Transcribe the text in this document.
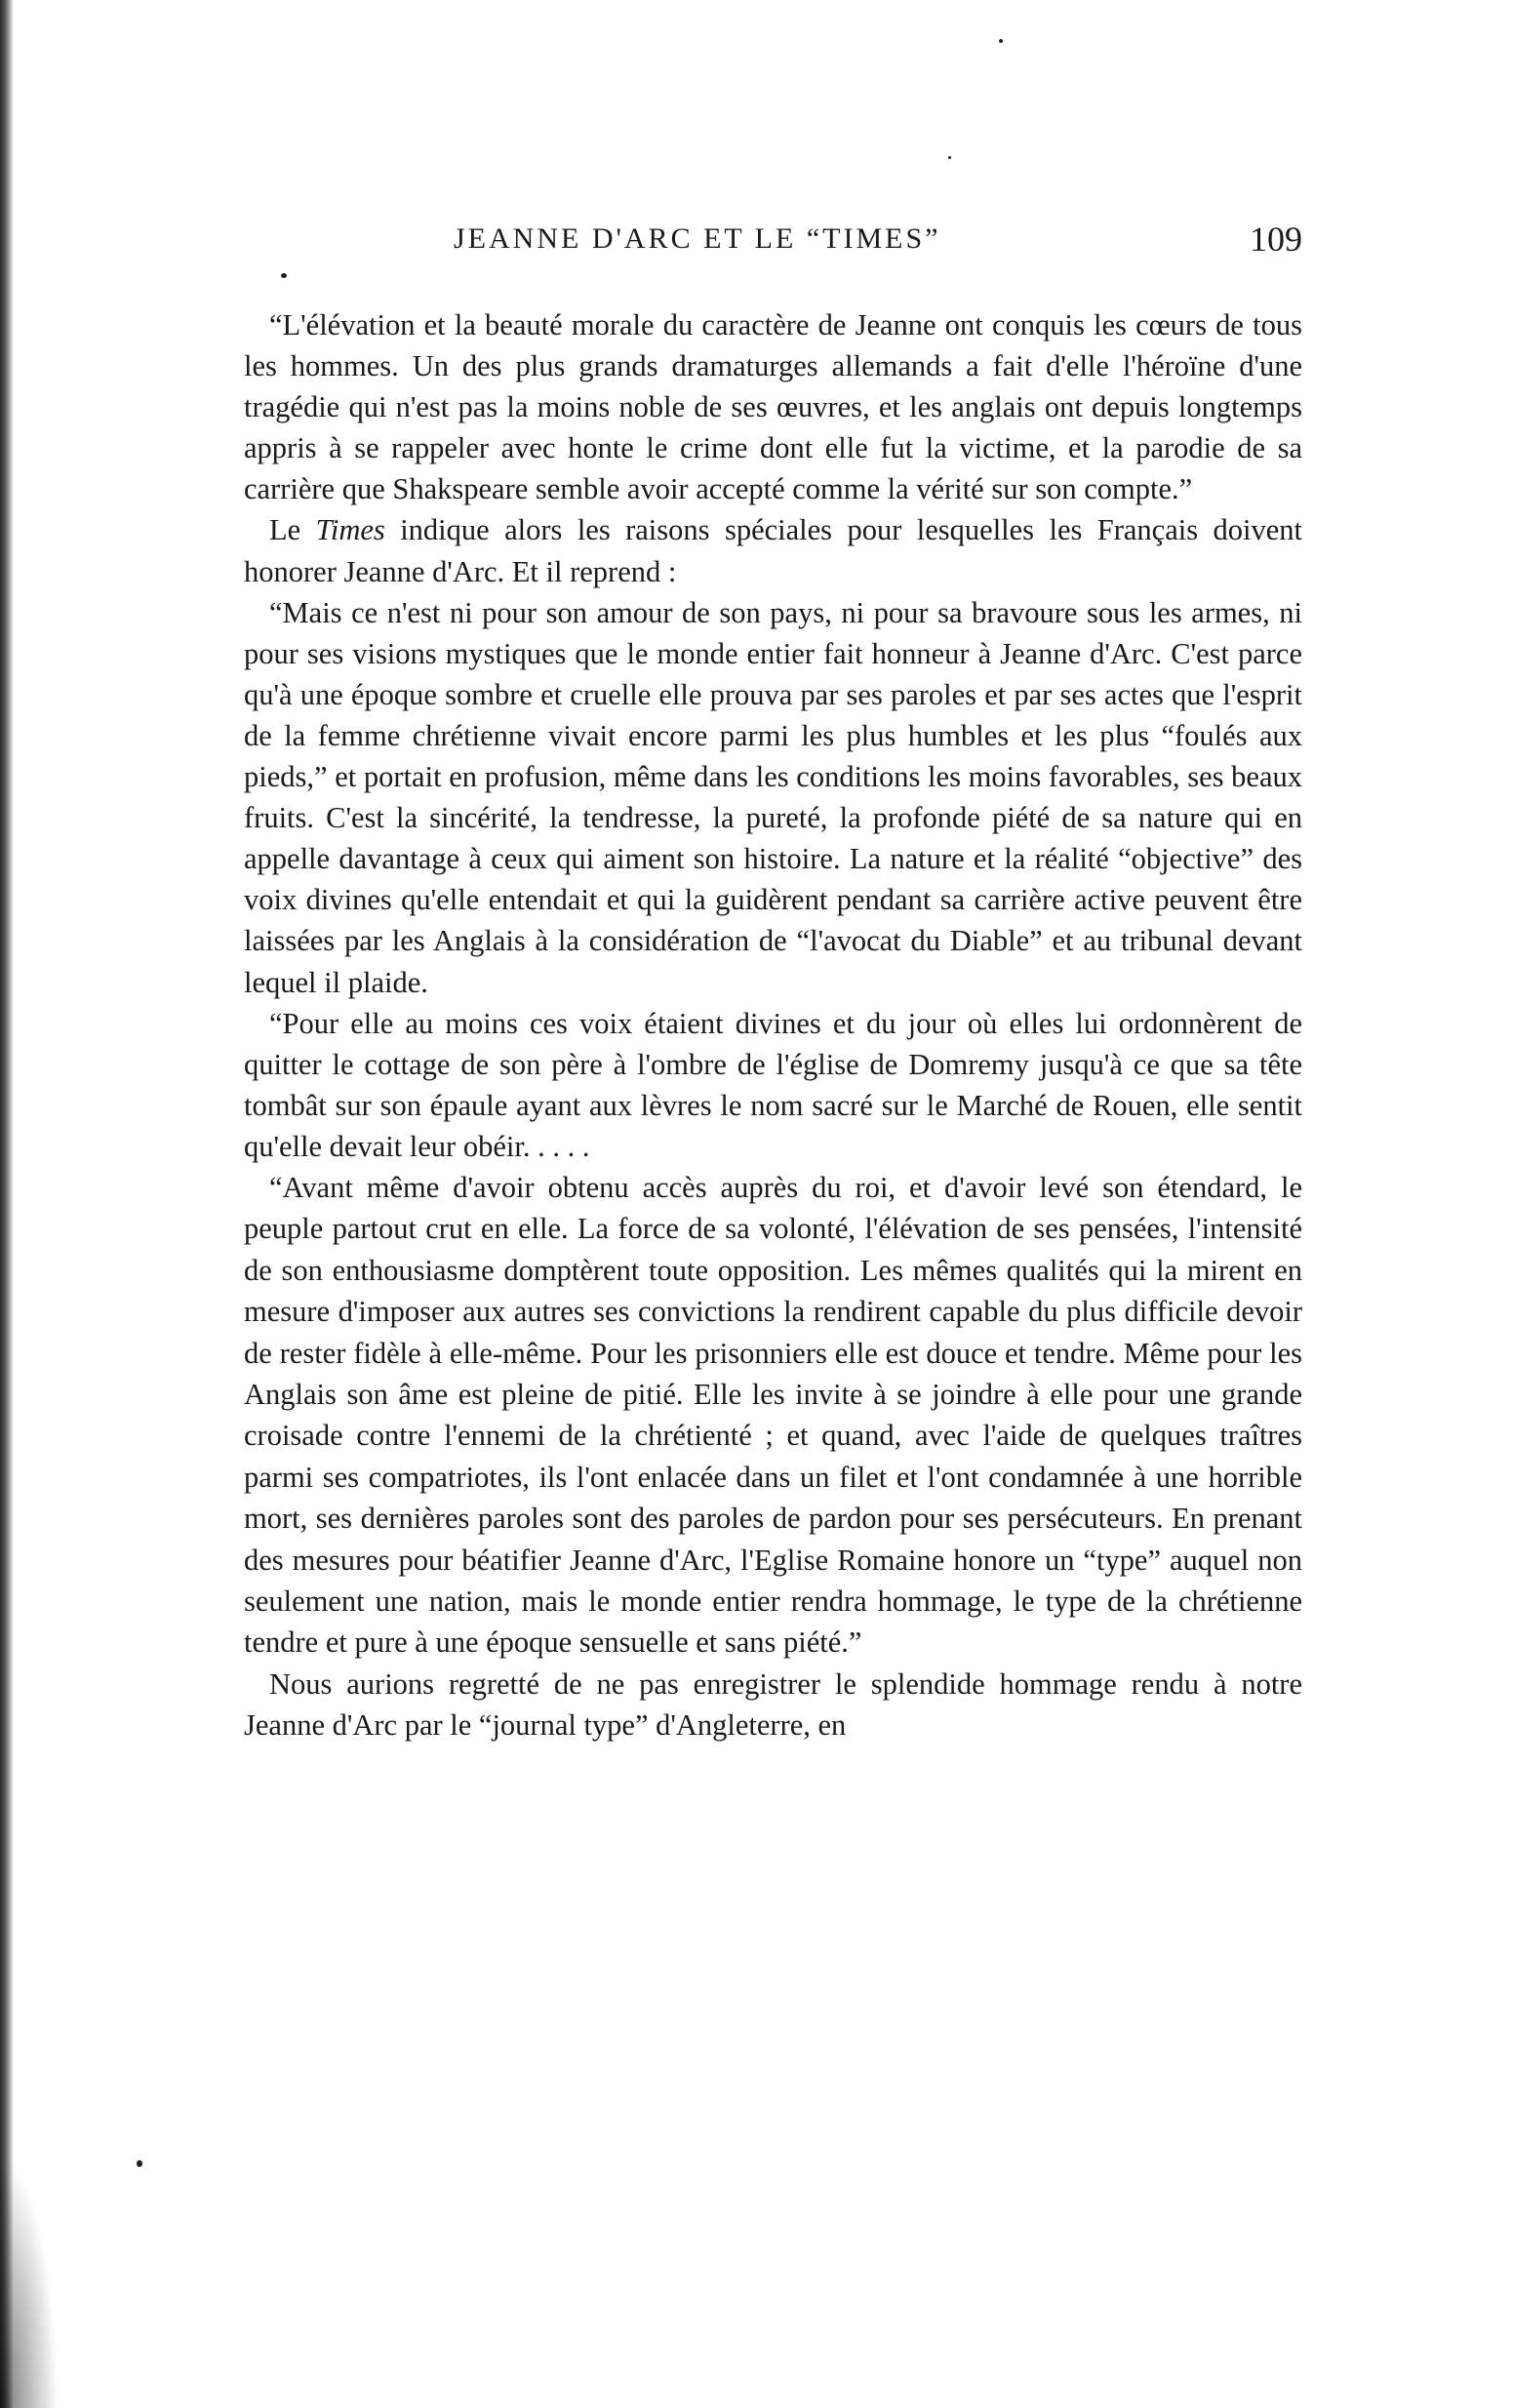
JEANNE D'ARC ET LE “TIMES”	109

“L'élévation et la beauté morale du caractère de Jeanne ont conquis les cœurs de tous les hommes. Un des plus grands dramaturges allemands a fait d'elle l'héroïne d'une tragédie qui n'est pas la moins noble de ses œuvres, et les anglais ont depuis longtemps appris à se rappeler avec honte le crime dont elle fut la victime, et la parodie de sa carrière que Shakspeare semble avoir accepté comme la vérité sur son compte.”

Le Times indique alors les raisons spéciales pour lesquelles les Français doivent honorer Jeanne d'Arc. Et il reprend :

“Mais ce n'est ni pour son amour de son pays, ni pour sa bravoure sous les armes, ni pour ses visions mystiques que le monde entier fait honneur à Jeanne d'Arc. C'est parce qu'à une époque sombre et cruelle elle prouva par ses paroles et par ses actes que l'esprit de la femme chrétienne vivait encore parmi les plus humbles et les plus “foulés aux pieds,” et portait en profusion, même dans les conditions les moins favorables, ses beaux fruits. C'est la sincérité, la tendresse, la pureté, la profonde piété de sa nature qui en appelle davantage à ceux qui aiment son histoire. La nature et la réalité “objective” des voix divines qu'elle entendait et qui la guidèrent pendant sa carrière active peuvent être laissées par les Anglais à la considération de “l'avocat du Diable” et au tribunal devant lequel il plaide.

“Pour elle au moins ces voix étaient divines et du jour où elles lui ordonnèrent de quitter le cottage de son père à l'ombre de l'église de Domremy jusqu'à ce que sa tête tombât sur son épaule ayant aux lèvres le nom sacré sur le Marché de Rouen, elle sentit qu'elle devait leur obéir. . . . .

“Avant même d'avoir obtenu accès auprès du roi, et d'avoir levé son étendard, le peuple partout crut en elle. La force de sa volonté, l'élévation de ses pensées, l'intensité de son enthousiasme domptèrent toute opposition. Les mêmes qualités qui la mirent en mesure d'imposer aux autres ses convictions la rendirent capable du plus difficile devoir de rester fidèle à elle-même. Pour les prisonniers elle est douce et tendre. Même pour les Anglais son âme est pleine de pitié. Elle les invite à se joindre à elle pour une grande croisade contre l'ennemi de la chrétienté ; et quand, avec l'aide de quelques traîtres parmi ses compatriotes, ils l'ont enlacée dans un filet et l'ont condamnée à une horrible mort, ses dernières paroles sont des paroles de pardon pour ses persécuteurs. En prenant des mesures pour béatifier Jeanne d'Arc, l'Eglise Romaine honore un “type” auquel non seulement une nation, mais le monde entier rendra hommage, le type de la chrétienne tendre et pure à une époque sensuelle et sans piété.”

Nous aurions regretté de ne pas enregistrer le splendide hommage rendu à notre Jeanne d'Arc par le “journal type” d'Angleterre, en
